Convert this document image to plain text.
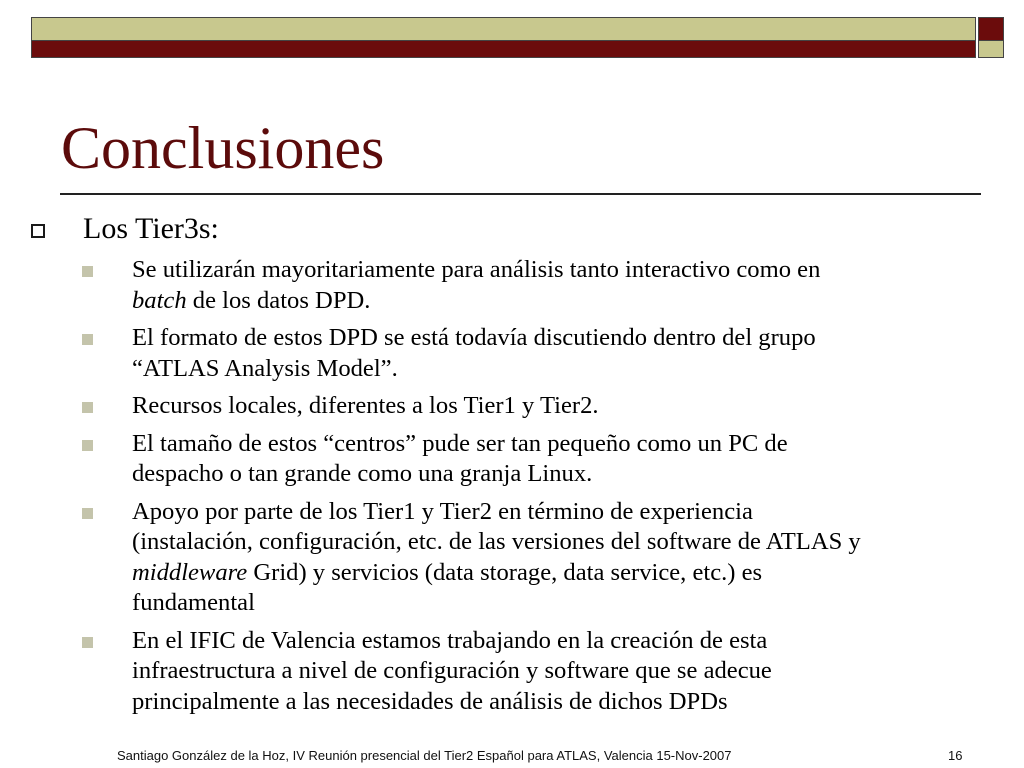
Conclusiones
Los Tier3s:
Se utilizarán mayoritariamente para análisis tanto interactivo como en
batch de los datos DPD.
El formato de estos DPD se está todavía discutiendo dentro del grupo
“ATLAS Analysis Model”.
Recursos locales, diferentes a los Tier1 y Tier2.
El tamaño de estos “centros” pude ser tan pequeño como un PC de
despacho o tan grande como una granja Linux.
Apoyo por parte de los Tier1 y Tier2 en término de experiencia
(instalación, configuración, etc. de las versiones del software de ATLAS y
middleware Grid) y servicios (data storage, data service, etc.) es
fundamental
En el IFIC de Valencia estamos trabajando en la creación de esta
infraestructura a nivel de configuración y software que se adecue
principalmente a las necesidades de análisis de dichos DPDs
Santiago González de la Hoz, IV Reunión presencial del Tier2 Español para ATLAS, Valencia 15-Nov-2007	16
